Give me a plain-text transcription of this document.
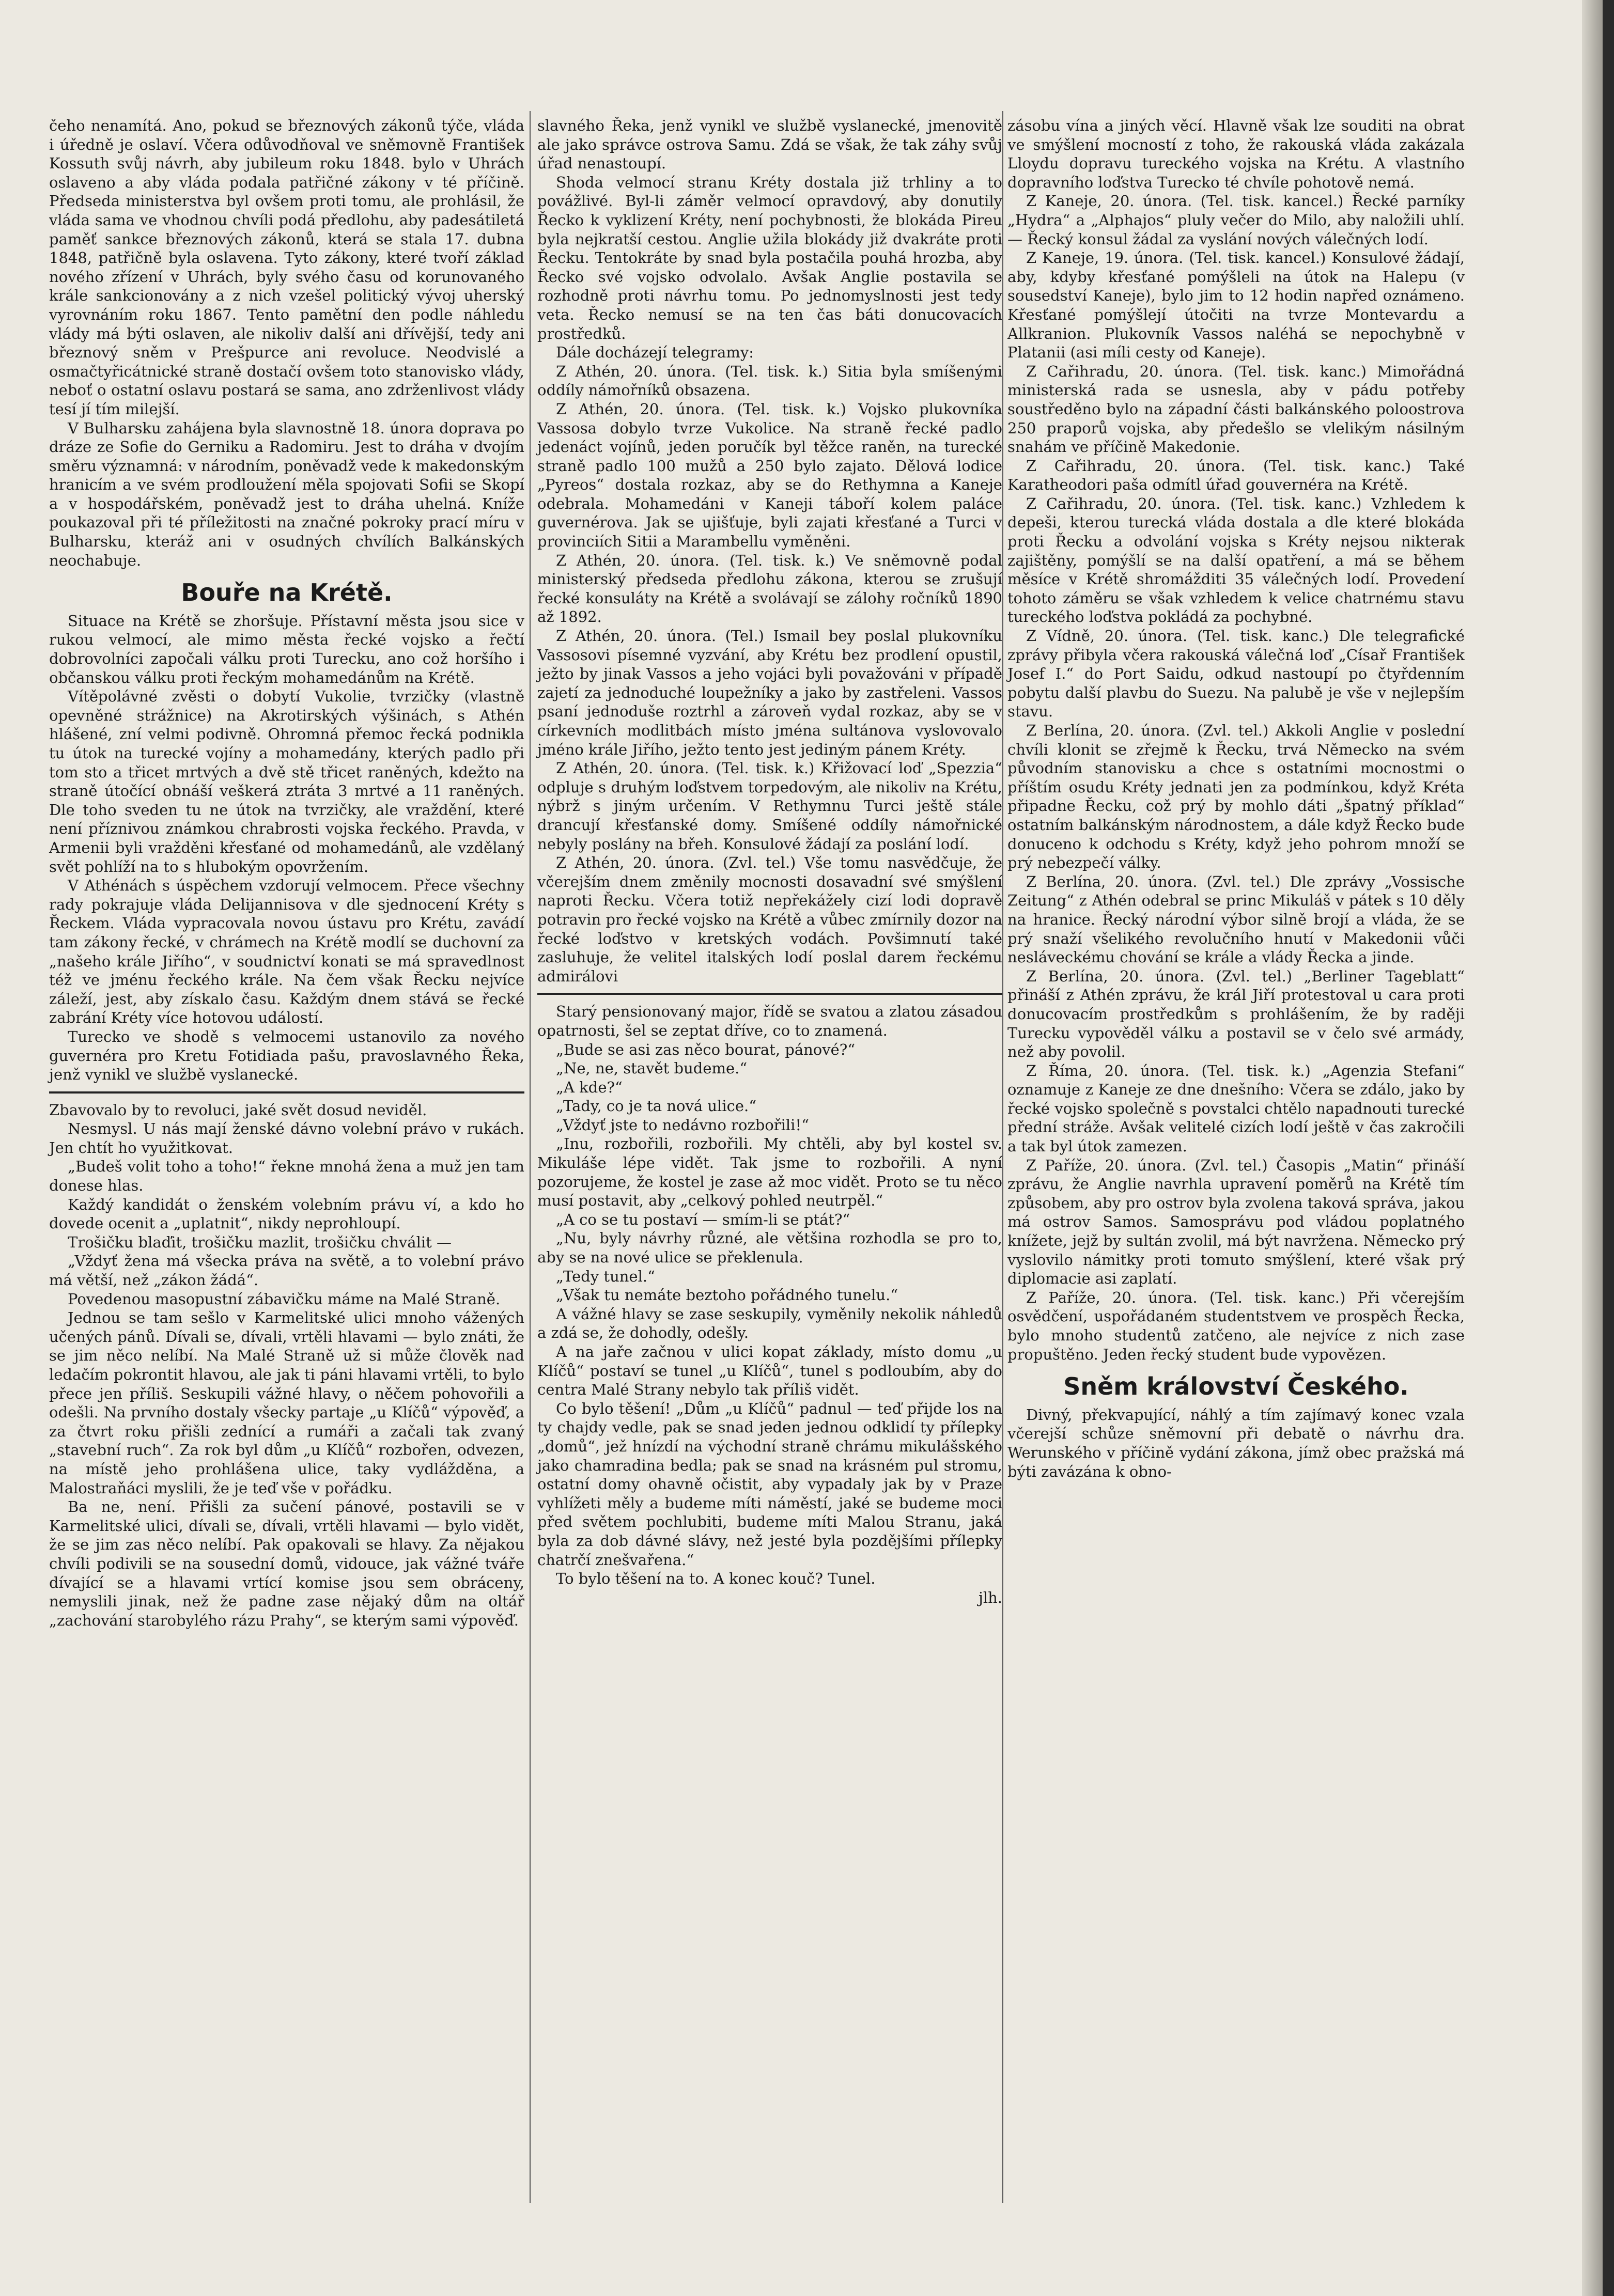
čeho nenamítá. Ano, pokud se březnových zákonů týče, vláda i úředně je oslaví. Včera odůvodňoval ve sněmovně František Kossuth svůj návrh, aby jubileum roku 1848. bylo v Uhrách oslaveno a aby vláda podala patřičné zákony v té příčině. Předseda ministerstva byl ovšem proti tomu, ale prohlásil, že vláda sama ve vhodnou chvíli podá předlohu, aby padesátiletá paměť sankce březnových zákonů, která se stala 17. dubna 1848, patřičně byla oslavena. Tyto zákony, které tvoří základ nového zřízení v Uhrách, byly svého času od korunovaného krále sankcionovány a z nich vzešel politický vývoj uherský vyrovnáním roku 1867. Tento pamětní den podle náhledu vlády má býti oslaven, ale nikoliv další ani dřívější, tedy ani březnový sněm v Prešpurce ani revoluce. Neodvislé a osmačtyřicátnické straně dostačí ovšem toto stanovisko vlády, neboť o ostatní oslavu postará se sama, ano zdrženlivost vlády tesí jí tím milejší.

V Bulharsku zahájena byla slavnostně 18. února doprava po dráze ze Sofie do Gerniku a Radomiru. Jest to dráha v dvojím směru významná: v národním, poněvadž vede k makedonským hranicím a ve svém prodloužení měla spojovati Sofii se Skopí a v hospodářském, poněvadž jest to dráha uhelná. Kníže poukazoval při té příležitosti na značné pokroky prací míru v Bulharsku, kteráž ani v osudných chvílích Balkánských neochabuje.

Bouře na Krétě.

Situace na Krétě se zhoršuje. Přístavní města jsou sice v rukou velmocí, ale mimo města řecké vojsko a řečtí dobrovolníci započali válku proti Turecku, ano což horšího i občanskou válku proti řeckým mohamedánům na Krétě.

Vítěpolávné zvěsti o dobytí Vukolie, tvrzičky (vlastně opevněné strážnice) na Akrotirských výšinách, s Athén hlášené, zní velmi podivně. Ohromná přemoc řecká podnikla tu útok na turecké vojíny a mohamedány, kterých padlo při tom sto a třicet mrtvých a dvě stě třicet raněných, kdežto na straně útočící obnáší veškerá ztráta 3 mrtvé a 11 raněných. Dle toho sveden tu ne útok na tvrzičky, ale vraždění, které není příznivou známkou chrabrosti vojska řeckého. Pravda, v Armenii byli vražděni křesťané od mohamedánů, ale vzdělaný svět pohlíží na to s hlubokým opovržením.

V Athénách s úspěchem vzdorují velmocem. Přece všechny rady pokrajuje vláda Delijannisova v dle sjednocení Kréty s Řeckem. Vláda vypracovala novou ústavu pro Krétu, zavádí tam zákony řecké, v chrámech na Krétě modlí se duchovní za „našeho krále Jiřího“, v soudnictví konati se má spravedlnost též ve jménu řeckého krále. Na čem však Řecku nejvíce záleží, jest, aby získalo času. Každým dnem stává se řecké zabrání Kréty více hotovou událostí.

Turecko ve shodě s velmocemi ustanovilo za nového guvernéra pro Kretu Fotidiada pašu, pravoslavného Řeka, jenž vynikl ve službě vyslanecké.

Zbavovalo by to revoluci, jaké svět dosud neviděl.

Nesmysl. U nás mají ženské dávno volební právo v rukách. Jen chtít ho využitkovat.

„Budeš volit toho a toho!“ řekne mnohá žena a muž jen tam donese hlas.

Každý kandidát o ženském volebním právu ví, a kdo ho dovede ocenit a „uplatnit“, nikdy neprohloupí.

Trošičku blaďit, trošičku mazlit, trošičku chválit —

„Vždyť žena má všecka práva na světě, a to volební právo má větší, než „zákon žádá“.

Povedenou masopustní zábavičku máme na Malé Straně.

Jednou se tam sešlo v Karmelitské ulici mnoho vážených učených pánů. Dívali se, dívali, vrtěli hlavami — bylo znáti, že se jim něco nelíbí. Na Malé Straně už si může člověk nad ledačím pokrontit hlavou, ale jak ti páni hlavami vrtěli, to bylo přece jen příliš. Seskupili vážné hlavy, o něčem pohovořili a odešli. Na prvního dostaly všecky partaje „u Klíčů“ výpověď, a za čtvrt roku přišli zednící a rumáři a začali tak zvaný „stavební ruch“. Za rok byl dům „u Klíčů“ rozbořen, odvezen, na místě jeho prohlášena ulice, taky vydlážděna, a Malostraňáci myslili, že je teď vše v pořádku.

Ba ne, není. Přišli za sučení pánové, postavili se v Karmelitské ulici, dívali se, dívali, vrtěli hlavami — bylo vidět, že se jim zas něco nelíbí. Pak opakovali se hlavy. Za nějakou chvíli podivili se na sousední domů, vidouce, jak vážné tváře dívající se a hlavami vrtící komise jsou sem obráceny, nemyslili jinak, než že padne zase nějaký dům na oltář „zachování starobylého rázu Prahy“, se kterým sami výpověď.

slavného Řeka, jenž vynikl ve službě vyslanecké, jmenovitě ale jako správce ostrova Samu. Zdá se však, že tak záhy svůj úřad nenastoupí.

Shoda velmocí stranu Kréty dostala již trhliny a to povážlivé. Byl-li záměr velmocí opravdový, aby donutily Řecko k vyklizení Kréty, není pochybnosti, že blokáda Pireu byla nejkratší cestou. Anglie užila blokády již dvakráte proti Řecku. Tentokráte by snad byla postačila pouhá hrozba, aby Řecko své vojsko odvolalo. Avšak Anglie postavila se rozhodně proti návrhu tomu. Po jednomyslnosti jest tedy veta. Řecko nemusí se na ten čas báti donucovacích prostředků.

Dále docházejí telegramy:

Z Athén, 20. února. (Tel. tisk. k.) Sitia byla smíšenými oddíly námořníků obsazena.

Z Athén, 20. února. (Tel. tisk. k.) Vojsko plukovníka Vassosa dobylo tvrze Vukolice. Na straně řecké padlo jedenáct vojínů, jeden poručík byl těžce raněn, na turecké straně padlo 100 mužů a 250 bylo zajato. Dělová lodice „Pyreos“ dostala rozkaz, aby se do Rethymna a Kaneje odebrala. Mohamedáni v Kaneji táboří kolem paláce guvernérova. Jak se ujišťuje, byli zajati křesťané a Turci v provinciích Sitii a Marambellu vyměněni.

Z Athén, 20. února. (Tel. tisk. k.) Ve sněmovně podal ministerský předseda předlohu zákona, kterou se zrušují řecké konsuláty na Krétě a svolávají se zálohy ročníků 1890 až 1892.

Z Athén, 20. února. (Tel.) Ismail bey poslal plukovníku Vassosovi písemné vyzvání, aby Krétu bez prodlení opustil, ježto by jinak Vassos a jeho vojáci byli považováni v případě zajetí za jednoduché loupežníky a jako by zastřeleni. Vassos psaní jednoduše roztrhl a zároveň vydal rozkaz, aby se v církevních modlitbách místo jména sultánova vyslovovalo jméno krále Jiřího, ježto tento jest jediným pánem Kréty.

Z Athén, 20. února. (Tel. tisk. k.) Křižovací loď „Spezzia“ odpluje s druhým loďstvem torpedovým, ale nikoliv na Krétu, nýbrž s jiným určením. V Rethymnu Turci ještě stále drancují křesťanské domy. Smíšené oddíly námořnické nebyly poslány na břeh. Konsulové žádají za poslání lodí.

Z Athén, 20. února. (Zvl. tel.) Vše tomu nasvědčuje, že včerejším dnem změnily mocnosti dosavadní své smýšlení naproti Řecku. Včera totiž nepřekážely cizí lodi dopravě potravin pro řecké vojsko na Krétě a vůbec zmírnily dozor na řecké loďstvo v kretských vodách. Povšimnutí také zasluhuje, že velitel italských lodí poslal darem řeckému admirálovi

Starý pensionovaný major, řídě se svatou a zlatou zásadou opatrnosti, šel se zeptat dříve, co to znamená.

„Bude se asi zas něco bourat, pánové?“

„Ne, ne, stavět budeme.“

„A kde?“

„Tady, co je ta nová ulice.“

„Vždyť jste to nedávno rozbořili!“

„Inu, rozbořili, rozbořili. My chtěli, aby byl kostel sv. Mikuláše lépe vidět. Tak jsme to rozbořili. A nyní pozorujeme, že kostel je zase až moc vidět. Proto se tu něco musí postavit, aby „celkový pohled neutrpěl.“

„A co se tu postaví — smím-li se ptát?“

„Nu, byly návrhy různé, ale většina rozhodla se pro to, aby se na nové ulice se překlenula.

„Tedy tunel.“

„Však tu nemáte beztoho pořádného tunelu.“

A vážné hlavy se zase seskupily, vyměnily nekolik náhledů a zdá se, že dohodly, odešly.

A na jaře začnou v ulici kopat základy, místo domu „u Klíčů“ postaví se tunel „u Klíčů“, tunel s podloubím, aby do centra Malé Strany nebylo tak příliš vidět.

Co bylo těšení! „Dům „u Klíčů“ padnul — teď přijde los na ty chajdy vedle, pak se snad jeden jednou odklidí ty přílepky „domů“, jež hnízdí na východní straně chrámu mikulášského jako chamradina bedla; pak se snad na krásném pul stromu, ostatní domy ohavně očistit, aby vypadaly jak by v Praze vyhlížeti měly a budeme míti náměstí, jaké se budeme moci před světem pochlubiti, budeme míti Malou Stranu, jaká byla za dob dávné slávy, než jesté byla pozdějšími přílepky chatrčí znešvařena.“

To bylo těšení na to. A konec kouč? Tunel.

jlh.

zásobu vína a jiných věcí. Hlavně však lze souditi na obrat ve smýšlení mocností z toho, že rakouská vláda zakázala Lloydu dopravu tureckého vojska na Krétu. A vlastního dopravního loďstva Turecko té chvíle pohotově nemá.

Z Kaneje, 20. února. (Tel. tisk. kancel.) Řecké parníky „Hydra“ a „Alphajos“ pluly večer do Milo, aby naložili uhlí. — Řecký konsul žádal za vyslání nových válečných lodí.

Z Kaneje, 19. února. (Tel. tisk. kancel.) Konsulové žádají, aby, kdyby křesťané pomýšleli na útok na Halepu (v sousedství Kaneje), bylo jim to 12 hodin napřed oznámeno. Křesťané pomýšlejí útočiti na tvrze Montevardu a Allkranion. Plukovník Vassos naléhá se nepochybně v Platanii (asi míli cesty od Kaneje).

Z Cařihradu, 20. února. (Tel. tisk. kanc.) Mimořádná ministerská rada se usnesla, aby v pádu potřeby soustředěno bylo na západní části balkánského poloostrova 250 praporů vojska, aby předešlo se vlelikým násilným snahám ve příčině Makedonie.

Z Cařihradu, 20. února. (Tel. tisk. kanc.) Také Karatheodori paša odmítl úřad gouvernéra na Krétě.

Z Cařihradu, 20. února. (Tel. tisk. kanc.) Vzhledem k depeši, kterou turecká vláda dostala a dle které blokáda proti Řecku a odvolání vojska s Kréty nejsou nikterak zajištěny, pomýšlí se na další opatření, a má se během měsíce v Krétě shromážditi 35 válečných lodí. Provedení tohoto záměru se však vzhledem k velice chatrnému stavu tureckého loďstva pokládá za pochybné.

Z Vídně, 20. února. (Tel. tisk. kanc.) Dle telegrafické zprávy přibyla včera rakouská válečná loď „Císař František Josef I.“ do Port Saidu, odkud nastoupí po čtyřdenním pobytu další plavbu do Suezu. Na palubě je vše v nejlepším stavu.

Z Berlína, 20. února. (Zvl. tel.) Akkoli Anglie v poslední chvíli klonit se zřejmě k Řecku, trvá Německo na svém původním stanovisku a chce s ostatními mocnostmi o příštím osudu Kréty jednati jen za podmínkou, když Kréta připadne Řecku, což prý by mohlo dáti „špatný příklad“ ostatním balkánským národnostem, a dále když Řecko bude donuceno k odchodu s Kréty, když jeho pohrom množí se prý nebezpečí války.

Z Berlína, 20. února. (Zvl. tel.) Dle zprávy „Vossische Zeitung“ z Athén odebral se princ Mikuláš v pátek s 10 děly na hranice. Řecký národní výbor silně brojí a vláda, že se prý snaží všelikého revolučního hnutí v Makedonii vůči nesláveckému chování se krále a vlády Řecka a jinde.

Z Berlína, 20. února. (Zvl. tel.) „Berliner Tageblatt“ přináší z Athén zprávu, že král Jiří protestoval u cara proti donucovacím prostředkům s prohlášením, že by raději Turecku vypověděl válku a postavil se v čelo své armády, než aby povolil.

Z Říma, 20. února. (Tel. tisk. k.) „Agenzia Stefani“ oznamuje z Kaneje ze dne dnešního: Včera se zdálo, jako by řecké vojsko společně s povstalci chtělo napadnouti turecké přední stráže. Avšak velitelé cizích lodí ještě v čas zakročili a tak byl útok zamezen.

Z Paříže, 20. února. (Zvl. tel.) Časopis „Matin“ přináší zprávu, že Anglie navrhla upravení poměrů na Krétě tím způsobem, aby pro ostrov byla zvolena taková správa, jakou má ostrov Samos. Samosprávu pod vládou poplatného knížete, jejž by sultán zvolil, má být navržena. Německo prý vyslovilo námitky proti tomuto smýšlení, které však prý diplomacie asi zaplatí.

Z Paříže, 20. února. (Tel. tisk. kanc.) Při včerejším osvědčení, uspořádaném studentstvem ve prospěch Řecka, bylo mnoho studentů zatčeno, ale nejvíce z nich zase propuštěno. Jeden řecký student bude vypovězen.

Sněm království Českého.

Divný, překvapující, náhlý a tím zajímavý konec vzala včerejší schůze sněmovní při debatě o návrhu dra. Werunského v příčině vydání zákona, jímž obec pražská má býti zavázána k obno-
